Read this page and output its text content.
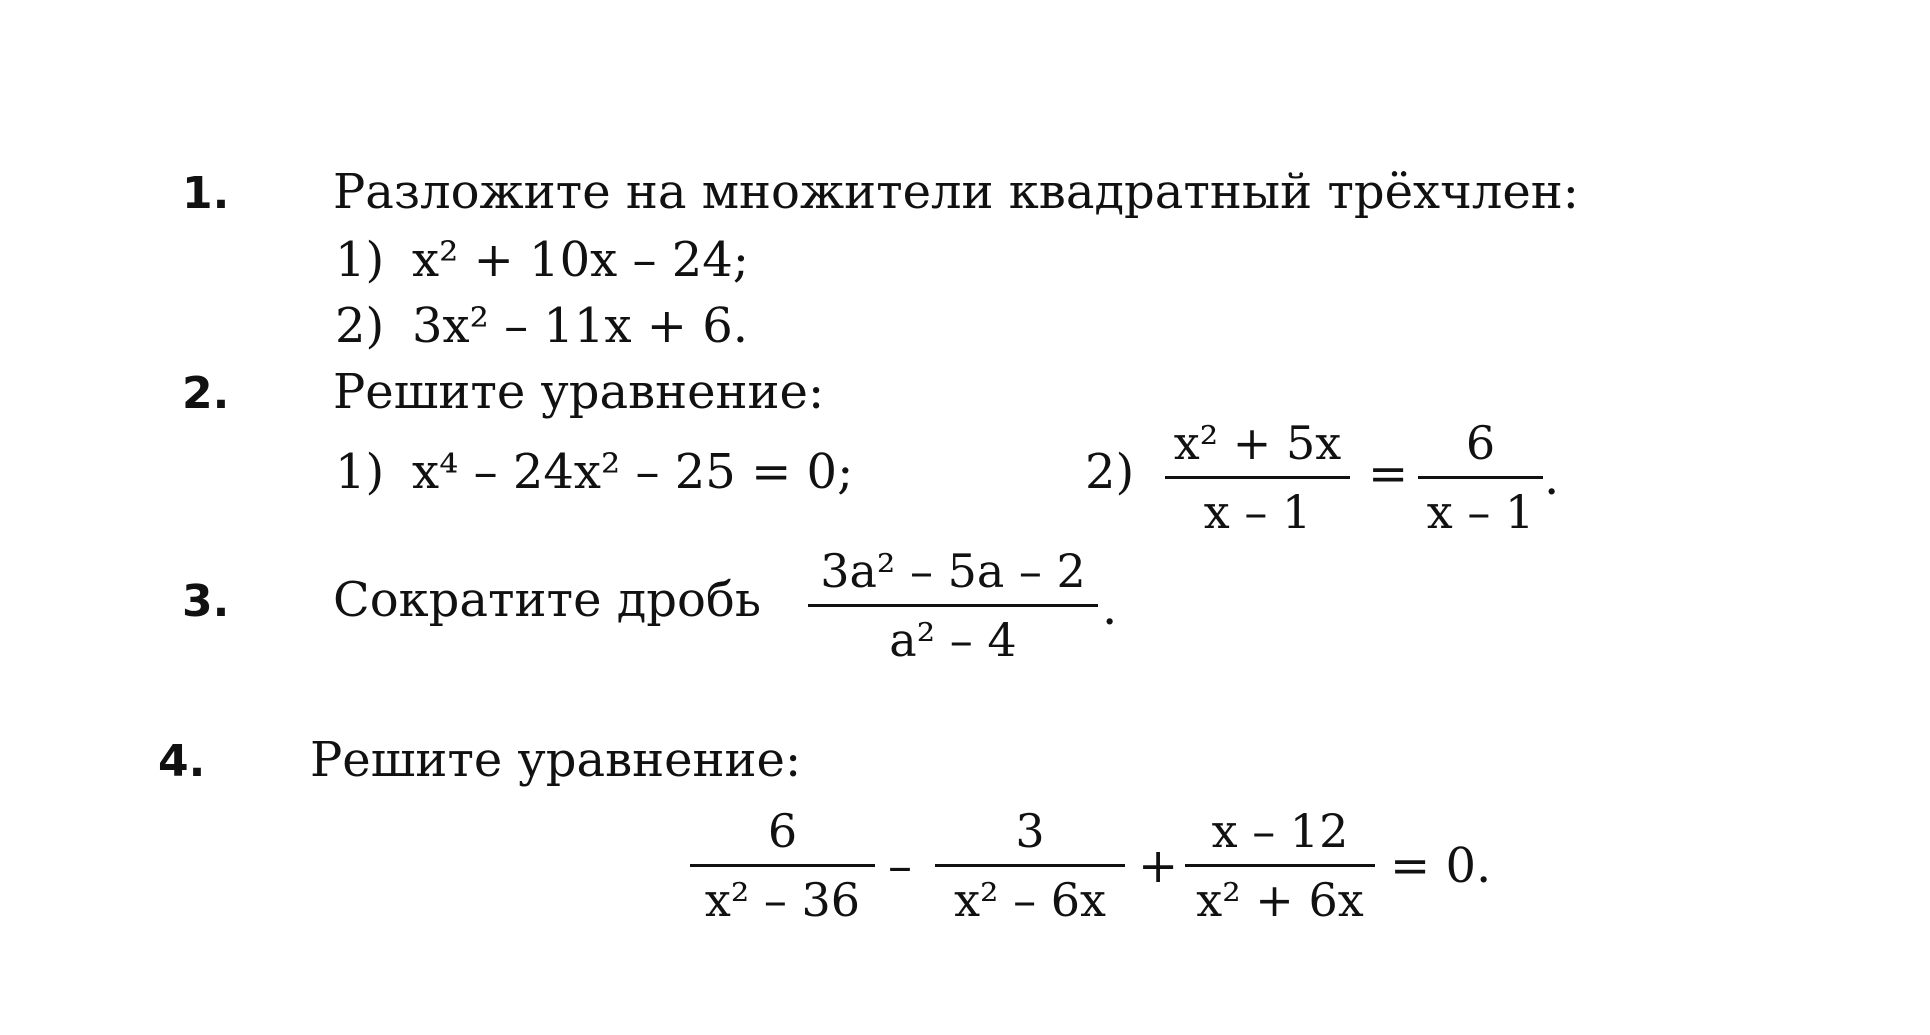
1. Разложите на множители квадратный трёхчлен:
1) x² + 10x – 24;
2) 3x² – 11x + 6.
2. Решите уравнение:
1) x⁴ – 24x² – 25 = 0;	2)
x² + 5x
x – 1
=
6
x – 1
.
3. Сократите дробь
3a² – 5a – 2
a² – 4
.
4. Решите уравнение:
6
x² – 36
–
3
x² – 6x
+
x – 12
x² + 6x
= 0.
